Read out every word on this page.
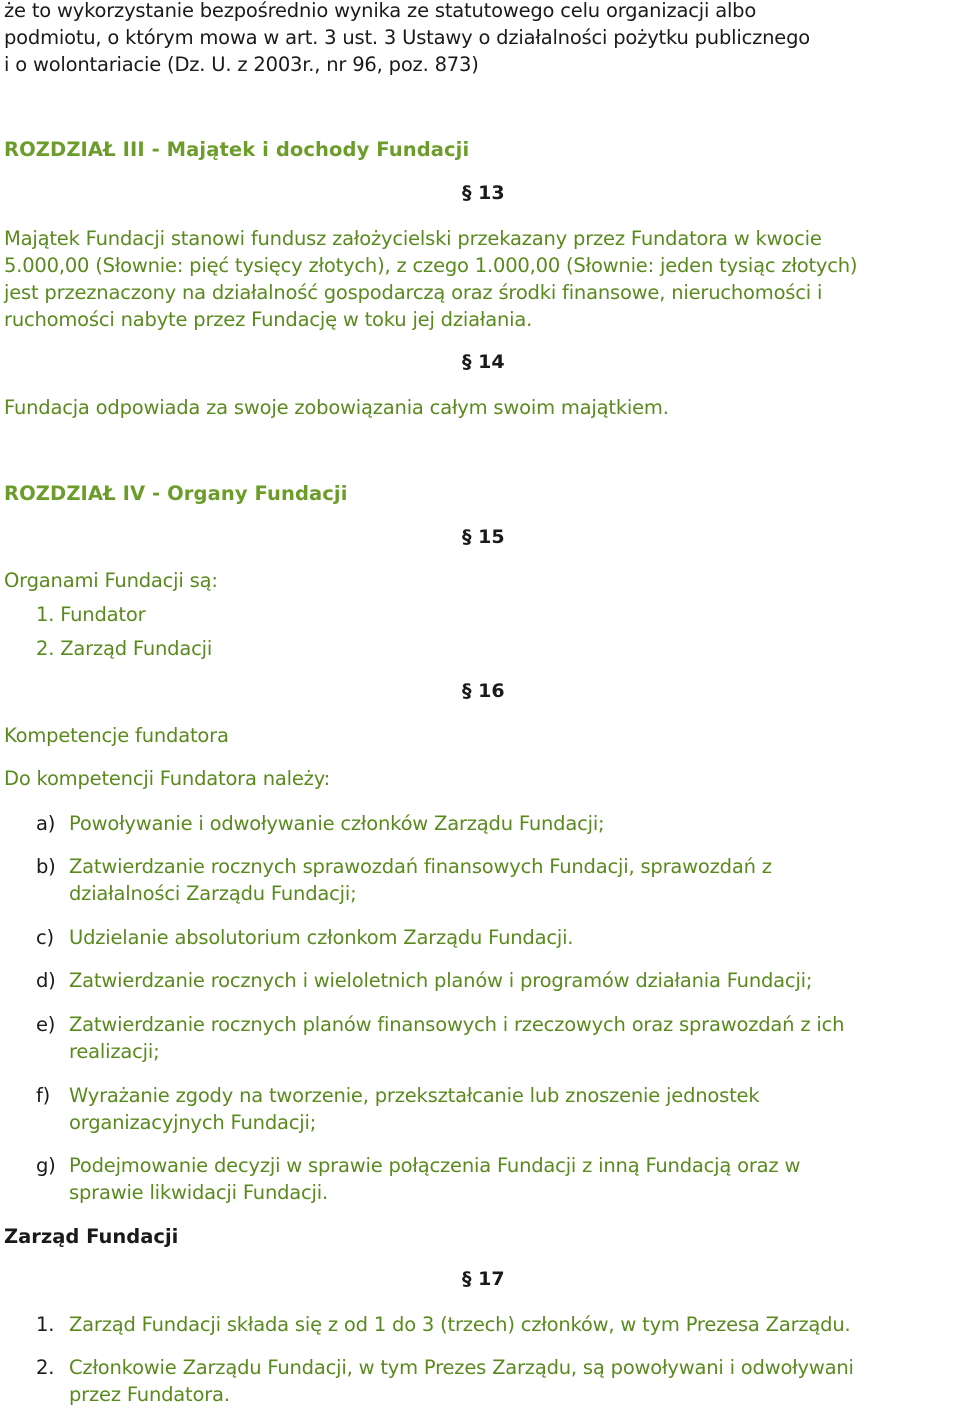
że to wykorzystanie bezpośrednio wynika ze statutowego celu organizacji albo
podmiotu, o którym mowa w art. 3 ust. 3 Ustawy o działalności pożytku publicznego
i o wolontariacie (Dz. U. z 2003r., nr 96, poz. 873)
ROZDZIAŁ III - Majątek i dochody Fundacji
§ 13
Majątek Fundacji stanowi fundusz założycielski przekazany przez Fundatora w kwocie
5.000,00 (Słownie: pięć tysięcy złotych), z czego 1.000,00 (Słownie: jeden tysiąc złotych)
jest przeznaczony na działalność gospodarczą oraz środki finansowe, nieruchomości i
ruchomości nabyte przez Fundację w toku jej działania.
§ 14
Fundacja odpowiada za swoje zobowiązania całym swoim majątkiem.
ROZDZIAŁ IV - Organy Fundacji
§ 15
Organami Fundacji są:
1. Fundator
2. Zarząd Fundacji
§ 16
Kompetencje fundatora
Do kompetencji Fundatora należy:
a) Powoływanie i odwoływanie członków Zarządu Fundacji;
b) Zatwierdzanie rocznych sprawozdań finansowych Fundacji, sprawozdań z
działalności Zarządu Fundacji;
c) Udzielanie absolutorium członkom Zarządu Fundacji.
d) Zatwierdzanie rocznych i wieloletnich planów i programów działania Fundacji;
e) Zatwierdzanie rocznych planów finansowych i rzeczowych oraz sprawozdań z ich
realizacji;
f) Wyrażanie zgody na tworzenie, przekształcanie lub znoszenie jednostek
organizacyjnych Fundacji;
g) Podejmowanie decyzji w sprawie połączenia Fundacji z inną Fundacją oraz w
sprawie likwidacji Fundacji.
Zarząd Fundacji
§ 17
1. Zarząd Fundacji składa się z od 1 do 3 (trzech) członków, w tym Prezesa Zarządu.
2. Członkowie Zarządu Fundacji, w tym Prezes Zarządu, są powoływani i odwoływani
przez Fundatora.
